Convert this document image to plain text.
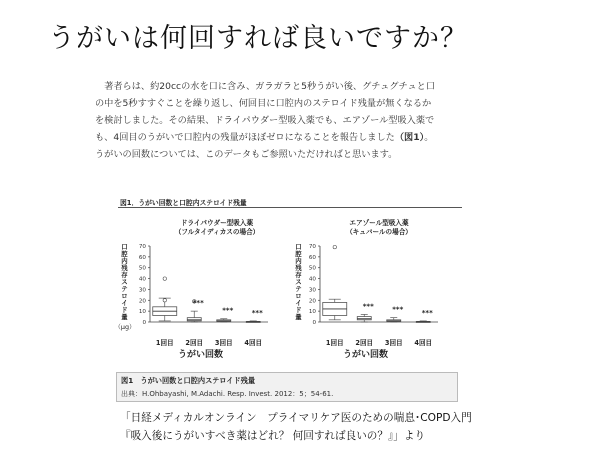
うがいは何回すれば良いですか？
　著者らは、約20ccの水を口に含み、ガラガラと5秒うがい後、グチュグチュと口
の中を5秒すすぐことを繰り返し、何回目に口腔内のステロイド残量が無くなるか
を検討しました。その結果、ドライパウダー型吸入薬でも、エアゾール型吸入薬で
も、4回目のうがいで口腔内の残量がほぼゼロになることを報告しました（図1）。
うがいの回数については、このデータもご参照いただければと思います。
図1．うがい回数と口腔内ステロイド残量
ドライパウダー型吸入薬
（フルタイディカスの場合）
口腔内残存ステロイド量
（µg） 0
10
20
30
40
50
60
70
1回目 2回目 3回目 4回目
***
***	***
うがい回数
エアゾール型吸入薬
（キュバールの場合）
口腔内残存ステロイド量
0
10
20
30
40
50
60
70
1回目 2回目 3回目 4回目
***	***	***
うがい回数
図1　うがい回数と口腔内ステロイド残量
出典：H.Ohbayashi, M.Adachi. Resp. Invest. 2012：5；54-61.
「日経メディカルオンライン　プライマリケア医のための喘息･COPD入門
『吸入後にうがいすべき薬はどれ？ 何回すれば良いの？』」より
